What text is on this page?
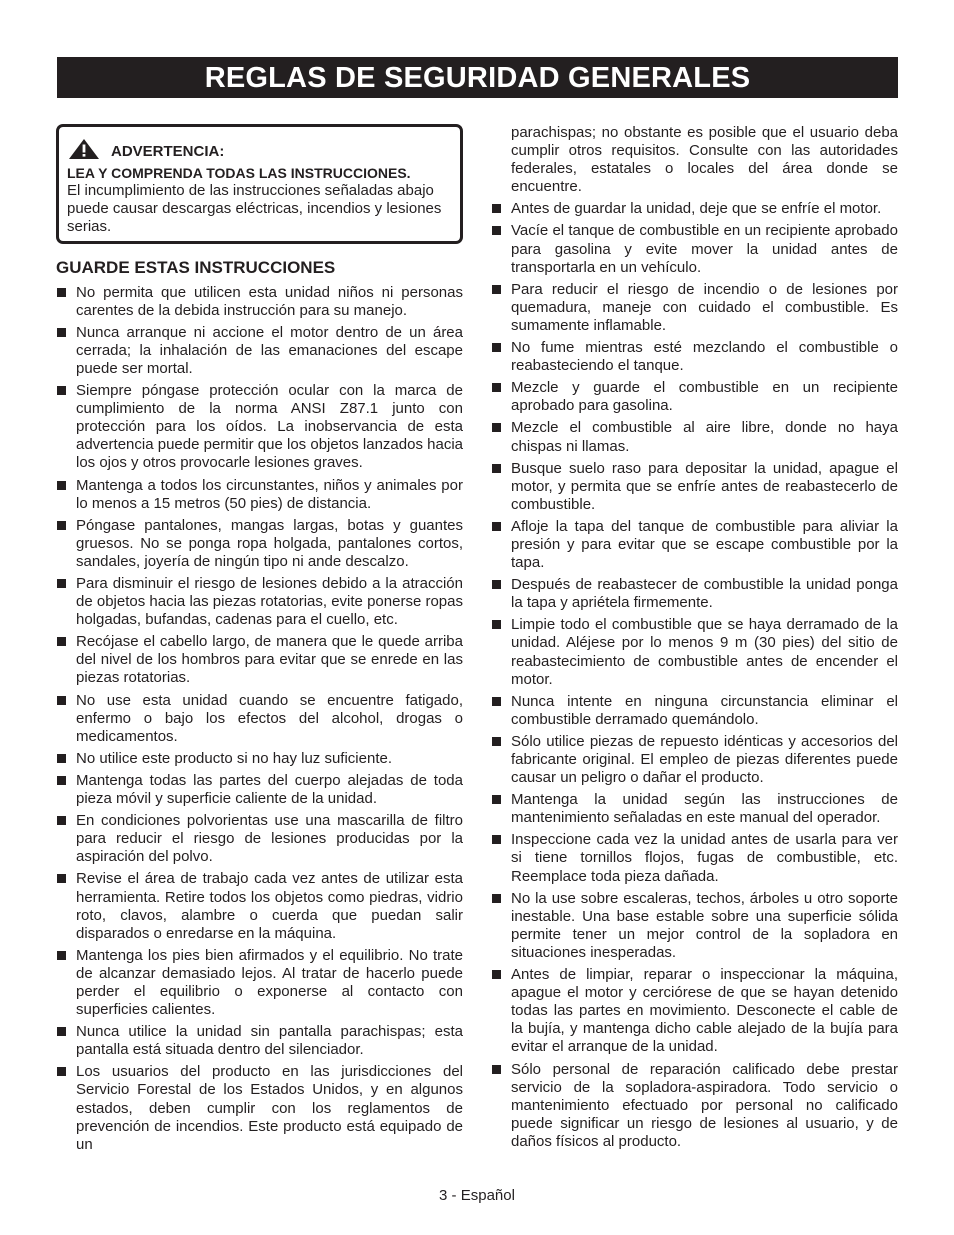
REGLAS DE SEGURIDAD GENERALES
ADVERTENCIA:
LEA Y COMPRENDA TODAS LAS INSTRUCCIONES.
El incumplimiento de las instrucciones señaladas abajo puede causar descargas eléctricas, incendios y lesiones serias.
GUARDE ESTAS INSTRUCCIONES
No permita que utilicen esta unidad niños ni personas carentes de la debida instrucción para su manejo.
Nunca arranque ni accione el motor dentro de un área cerrada; la inhalación de las emanaciones del escape puede ser mortal.
Siempre póngase protección ocular con la marca de cumplimiento de la norma ANSI Z87.1 junto con protección para los oídos. La inobservancia de esta advertencia puede permitir que los objetos lanzados hacia los ojos y otros provocarle lesiones graves.
Mantenga a todos los circunstantes, niños y animales por lo menos a 15 metros (50 pies) de distancia.
Póngase pantalones, mangas largas, botas y guantes gruesos. No se ponga ropa holgada, pantalones cortos, sandales, joyería de ningún tipo ni ande descalzo.
Para disminuir el riesgo de lesiones debido a la atracción de objetos hacia las piezas rotatorias, evite ponerse ropas holgadas, bufandas, cadenas para el cuello, etc.
Recójase el cabello largo, de manera que le quede arriba del nivel de los hombros para evitar que se enrede en las piezas rotatorias.
No use esta unidad cuando se encuentre fatigado, enfermo o bajo los efectos del alcohol, drogas o medicamentos.
No utilice este producto si no hay luz suficiente.
Mantenga todas las partes del cuerpo alejadas de toda pieza móvil y superficie caliente de la unidad.
En condiciones polvorientas use una mascarilla de filtro para reducir el riesgo de lesiones producidas por la aspiración del polvo.
Revise el área de trabajo cada vez antes de utilizar esta herramienta. Retire todos los objetos como piedras, vidrio roto, clavos, alambre o cuerda que puedan salir disparados o enredarse en la máquina.
Mantenga los pies bien afirmados y el equilibrio. No trate de alcanzar demasiado lejos. Al tratar de hacerlo puede perder el equilibrio o exponerse al contacto con superficies calientes.
Nunca utilice la unidad sin pantalla parachispas; esta pantalla está situada dentro del silenciador.
Los usuarios del producto en las jurisdicciones del Servicio Forestal de los Estados Unidos, y en algunos estados, deben cumplir con los reglamentos de prevención de incendios. Este producto está equipado de un
parachispas; no obstante es posible que el usuario deba cumplir otros requisitos. Consulte con las autoridades federales, estatales o locales del área donde se encuentre.
Antes de guardar la unidad, deje que se enfríe el motor.
Vacíe el tanque de combustible en un recipiente aprobado para gasolina y evite mover la unidad antes de transportarla en un vehículo.
Para reducir el riesgo de incendio o de lesiones por quemadura, maneje con cuidado el combustible. Es sumamente inflamable.
No fume mientras esté mezclando el combustible o reabasteciendo el tanque.
Mezcle y guarde el combustible en un recipiente aprobado para gasolina.
Mezcle el combustible al aire libre, donde no haya chispas ni llamas.
Busque suelo raso para depositar la unidad, apague el motor, y permita que se enfríe antes de reabastecerlo de combustible.
Afloje la tapa del tanque de combustible para aliviar la presión y para evitar que se escape combustible por la tapa.
Después de reabastecer de combustible la unidad ponga la tapa y apriétela firmemente.
Limpie todo el combustible que se haya derramado de la unidad. Aléjese por lo menos 9 m (30 pies) del sitio de reabastecimiento de combustible antes de encender el motor.
Nunca intente en ninguna circunstancia eliminar el combustible derramado quemándolo.
Sólo utilice piezas de repuesto idénticas y accesorios del fabricante original. El empleo de piezas diferentes puede causar un peligro o dañar el producto.
Mantenga la unidad según las instrucciones de mantenimiento señaladas en este manual del operador.
Inspeccione cada vez la unidad antes de usarla para ver si tiene tornillos flojos, fugas de combustible, etc. Reemplace toda pieza dañada.
No la use sobre escaleras, techos, árboles u otro soporte inestable. Una base estable sobre una superficie sólida permite tener un mejor control de la sopladora en situaciones inesperadas.
Antes de limpiar, reparar o inspeccionar la máquina, apague el motor y cerciórese de que se hayan detenido todas las partes en movimiento. Desconecte el cable de la bujía, y mantenga dicho cable alejado de la bujía para evitar el arranque de la unidad.
Sólo personal de reparación calificado debe prestar servicio de la sopladora-aspiradora. Todo servicio o mantenimiento efectuado por personal no calificado puede significar un riesgo de lesiones al usuario, y de daños físicos al producto.
3 - Español
